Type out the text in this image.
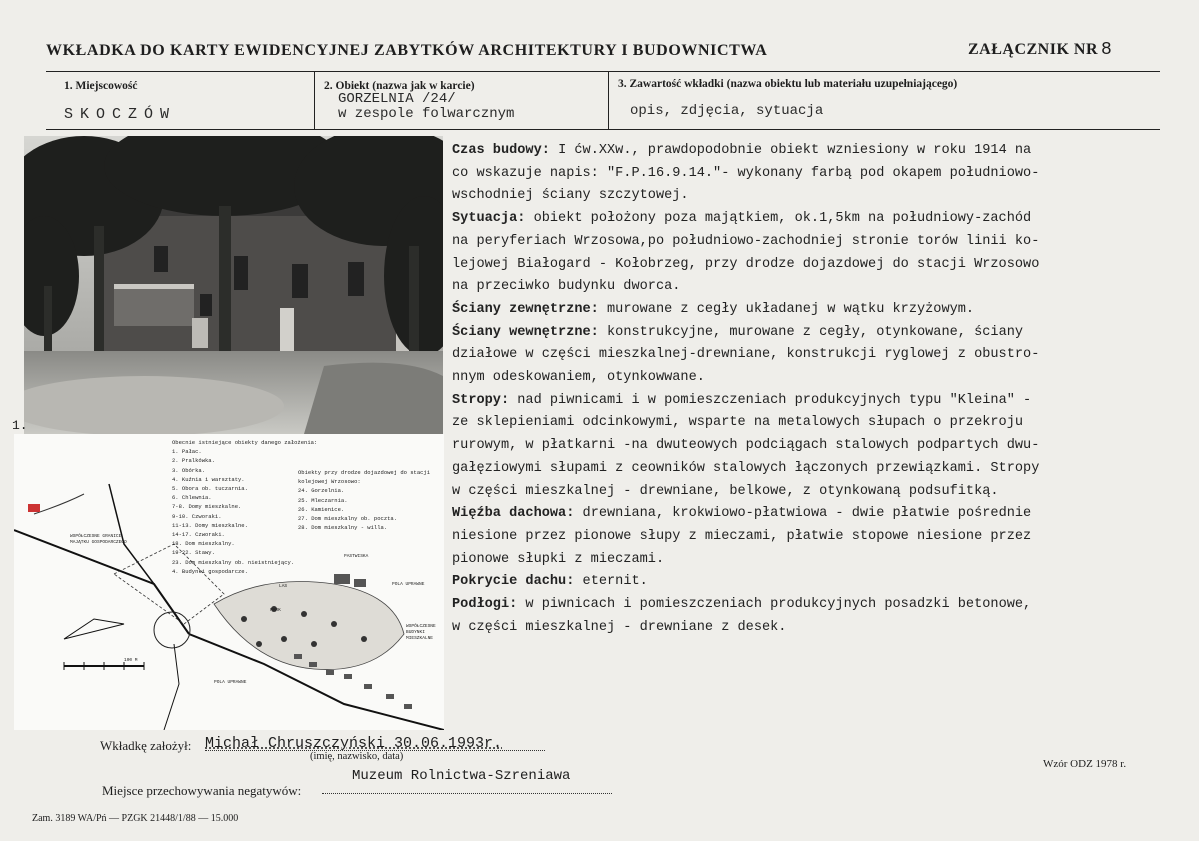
WKŁADKA DO KARTY EWIDENCYJNEJ ZABYTKÓW ARCHITEKTURY I BUDOWNICTWA	ZAŁĄCZNIK NR 8
1. Miejscowość
SKOCZÓW
2. Obiekt (nazwa jak w karcie)
GORZELNIA /24/
w zespole folwarcznym
3. Zawartość wkładki (nazwa obiektu lub materiału uzupełniającego)
opis, zdjęcia, sytuacja
1.
Obecnie istniejące obiekty danego założenia:
1. Pałac.
2. Pralkówka.
3. Obórka.
4. Kuźnia i warsztaty.
5. Obora ob. tuczarnia.
6. Chlewnia.
7-8. Domy mieszkalne.
9-10. Czworaki.
11-13. Domy mieszkalne.
14-17. Czworaki.
18. Dom mieszkalny.
19-22. Stawy.
23. Dom mieszkalny ob. nieistniejący.
4. Budynki gospodarcze.
Obiekty przy drodze dojazdowej do stacji kolejowej Wrzosowo:
24. Gorzelnia.
25. Mleczarnia.
26. Kamienice.
27. Dom mieszkalny ob. poczta.
28. Dom mieszkalny - willa.
WSPÓŁCZESNE GRANICE MAJĄTKU GOSPODARCZEGO
POLA UPRAWNE
POLA UPRAWNE
PASTWISKA
LAS
PARK
WSPÓŁCZESNE BUDYNKI MIESZKALNE
100 M
Czas budowy: I ćw.XXw., prawdopodobnie obiekt wzniesiony w roku 1914 na
co wskazuje napis: "F.P.16.9.14."- wykonany farbą pod okapem południowo-
wschodniej ściany szczytowej.
Sytuacja: obiekt położony poza majątkiem, ok.1,5km na południowy-zachód
na peryferiach Wrzosowa,po południowo-zachodniej stronie torów linii ko-
lejowej Białogard - Kołobrzeg, przy drodze dojazdowej do stacji Wrzosowo
na przeciwko budynku dworca.
Ściany zewnętrzne: murowane z cegły układanej w wątku krzyżowym.
Ściany wewnętrzne: konstrukcyjne, murowane z cegły, otynkowane, ściany
działowe w części mieszkalnej-drewniane, konstrukcji ryglowej z obustro-
nnym odeskowaniem, otynkowwane.
Stropy: nad piwnicami i w pomieszczeniach produkcyjnych typu "Kleina" -
ze sklepieniami odcinkowymi, wsparte na metalowych słupach o przekroju
rurowym, w płatkarni -na dwuteowych podciągach stalowych podpartych dwu-
gałęziowymi słupami z ceowników stalowych łączonych przewiązkami. Stropy
w części mieszkalnej - drewniane, belkowe, z otynkowaną podsufitką.
Więźba dachowa: drewniana, krokwiowo-płatwiowa - dwie płatwie pośrednie
niesione przez pionowe słupy z mieczami, płatwie stopowe niesione przez
pionowe słupki z mieczami.
Pokrycie dachu: eternit.
Podłogi: w piwnicach i pomieszczeniach produkcyjnych posadzki betonowe,
w części mieszkalnej - drewniane z desek.
Wkładkę założył: Michał Chruszczyński 30.06.1993r.
(imię, nazwisko, data)
Wzór ODZ 1978 r.
Muzeum Rolnictwa-Szreniawa
Miejsce przechowywania negatywów:
Zam. 3189 WA/Pń — PZGK 21448/1/88 — 15.000
